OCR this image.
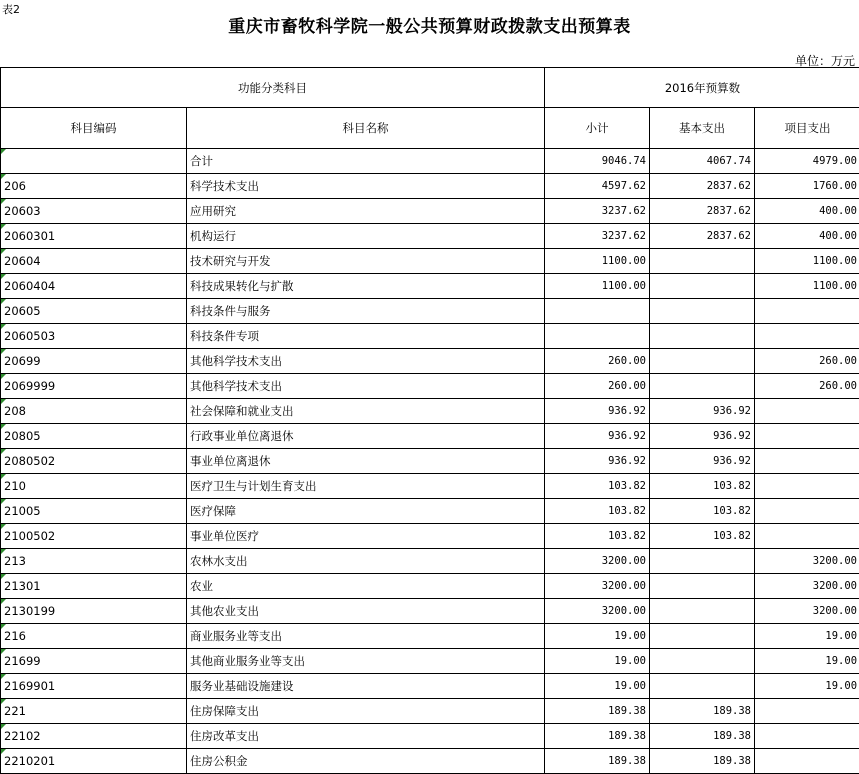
表2
重庆市畜牧科学院一般公共预算财政拨款支出预算表
单位：万元
功能分类科目		2016年预算数		
科目编码	科目名称	小计	基本支出	项目支出
	合计	9046.74	4067.74	4979.00
206	科学技术支出	4597.62	2837.62	1760.00
20603	应用研究	3237.62	2837.62	400.00
2060301	机构运行	3237.62	2837.62	400.00
20604	技术研究与开发	1100.00		1100.00
2060404	科技成果转化与扩散	1100.00		1100.00
20605	科技条件与服务			
2060503	科技条件专项			
20699	其他科学技术支出	260.00		260.00
2069999	其他科学技术支出	260.00		260.00
208	社会保障和就业支出	936.92	936.92	
20805	行政事业单位离退休	936.92	936.92	
2080502	事业单位离退休	936.92	936.92	
210	医疗卫生与计划生育支出	103.82	103.82	
21005	医疗保障	103.82	103.82	
2100502	事业单位医疗	103.82	103.82	
213	农林水支出	3200.00		3200.00
21301	农业	3200.00		3200.00
2130199	其他农业支出	3200.00		3200.00
216	商业服务业等支出	19.00		19.00
21699	其他商业服务业等支出	19.00		19.00
2169901	服务业基础设施建设	19.00		19.00
221	住房保障支出	189.38	189.38	
22102	住房改革支出	189.38	189.38	
2210201	住房公积金	189.38	189.38	
